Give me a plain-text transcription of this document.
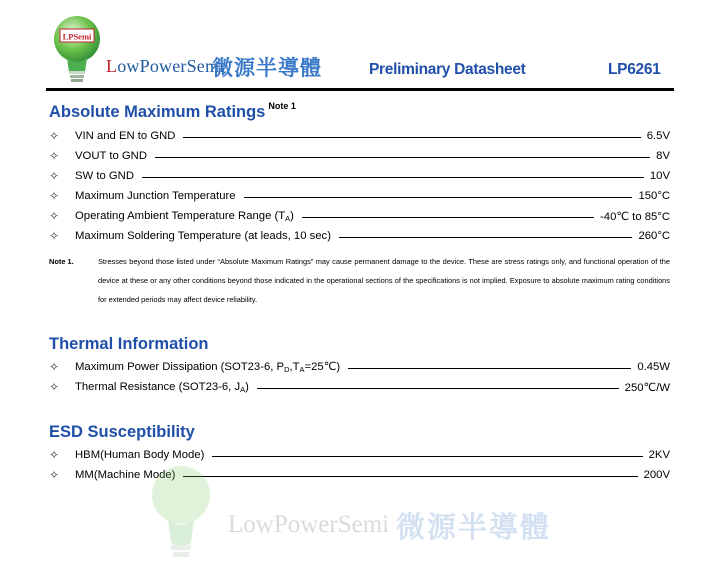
LPSemi
LowPowerSemi
微源半導體	Preliminary Datasheet	LP6261
Absolute Maximum Ratings $^{Note 1}$
✧	VIN and EN to GND	6.5V
✧	VOUT to GND	8V
✧	SW to GND	10V
✧	Maximum Junction Temperature	150°C
✧	Operating Ambient Temperature Range $(T_A)$	-40℃ to 85°C
✧	Maximum Soldering Temperature (at leads, 10 sec)	260°C
Note 1.	Stresses beyond those listed under “Absolute Maximum Ratings” may cause permanent damage to the device. These are stress ratings only, and functional operation of the device at these or any other conditions beyond those indicated in the operational sections of the specifications is not implied. Exposure to absolute maximum rating conditions for extended periods may affect device reliability.
Thermal Information
✧	Maximum Power Dissipation (SOT23-6, $P_D,T_A=25℃$)	0.45W
✧	Thermal Resistance (SOT23-6, $J_A$)	250℃/W
ESD Susceptibility
✧	HBM(Human Body Mode)	2KV
✧	MM(Machine Mode)	200V
LowPowerSemi 微源半導體
